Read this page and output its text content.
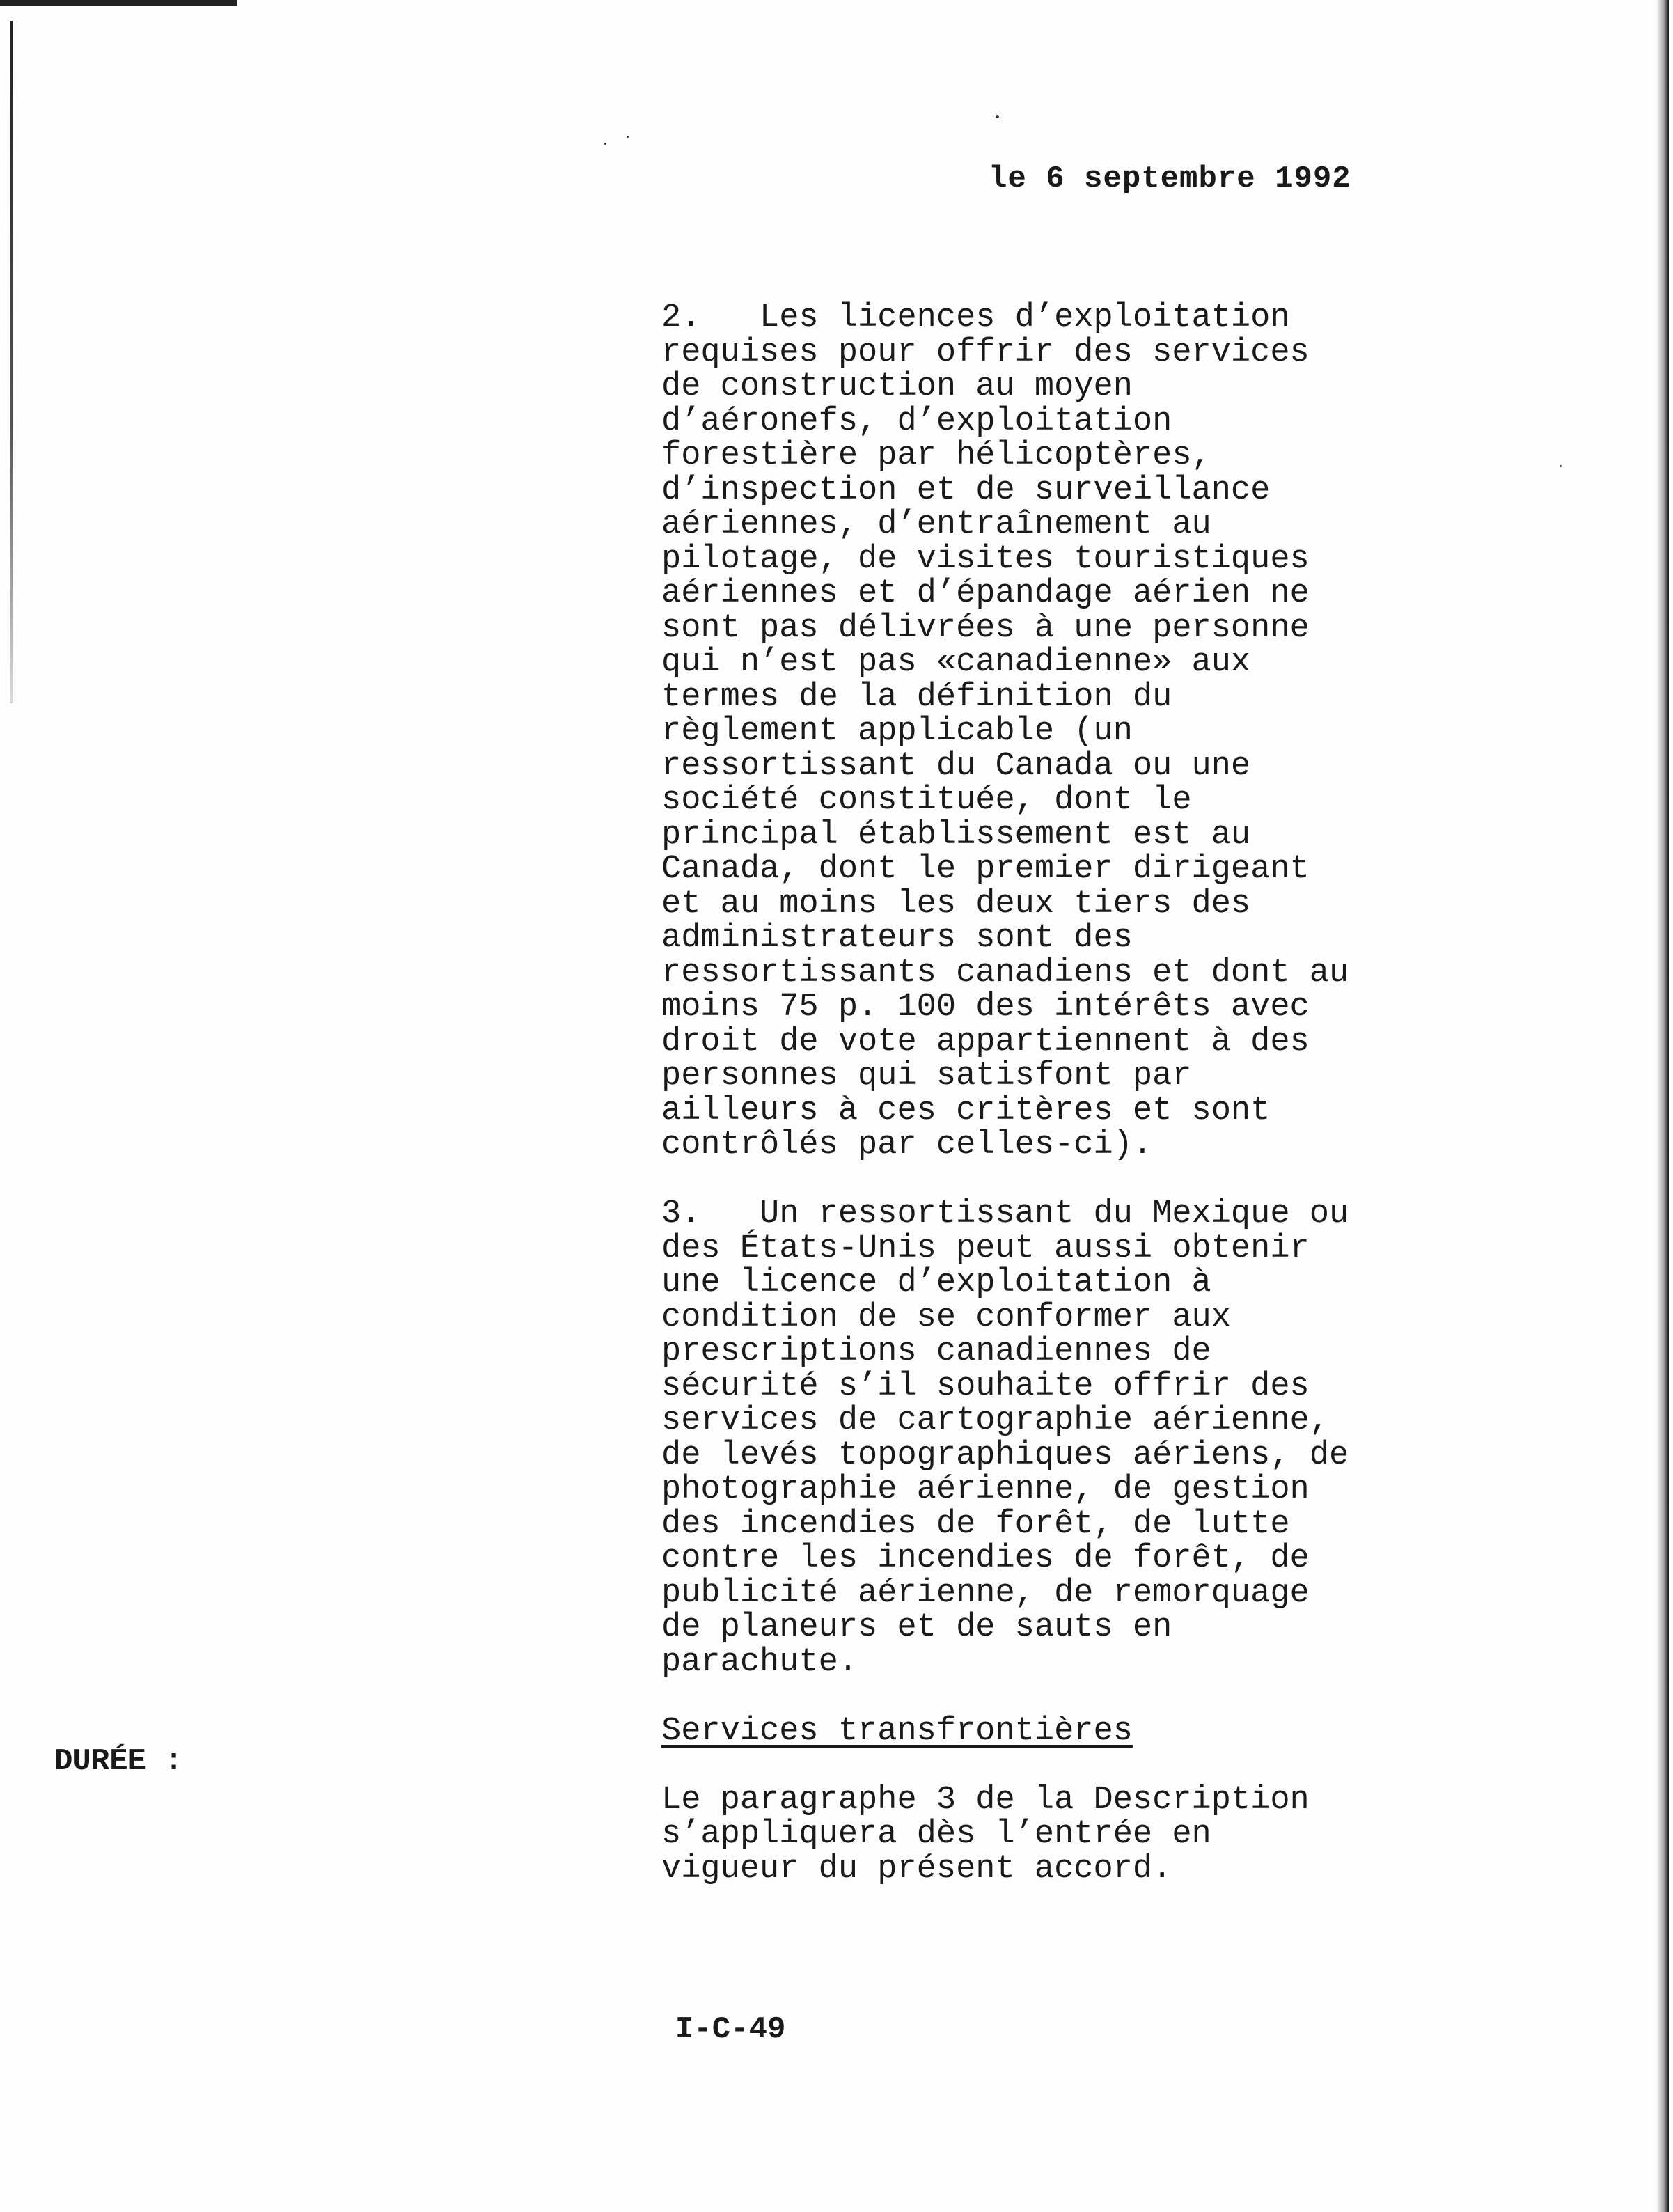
le 6 septembre 1992
2.   Les licences d’exploitation
requises pour offrir des services
de construction au moyen
d’aéronefs, d’exploitation
forestière par hélicoptères,
d’inspection et de surveillance
aériennes, d’entraînement au
pilotage, de visites touristiques
aériennes et d’épandage aérien ne
sont pas délivrées à une personne
qui n’est pas «canadienne» aux
termes de la définition du
règlement applicable (un
ressortissant du Canada ou une
société constituée, dont le
principal établissement est au
Canada, dont le premier dirigeant
et au moins les deux tiers des
administrateurs sont des
ressortissants canadiens et dont au
moins 75 p. 100 des intérêts avec
droit de vote appartiennent à des
personnes qui satisfont par
ailleurs à ces critères et sont
contrôlés par celles-ci).
3.   Un ressortissant du Mexique ou
des États-Unis peut aussi obtenir
une licence d’exploitation à
condition de se conformer aux
prescriptions canadiennes de
sécurité s’il souhaite offrir des
services de cartographie aérienne,
de levés topographiques aériens, de
photographie aérienne, de gestion
des incendies de forêt, de lutte
contre les incendies de forêt, de
publicité aérienne, de remorquage
de planeurs et de sauts en
parachute.
Services transfrontières
Le paragraphe 3 de la Description
s’appliquera dès l’entrée en
vigueur du présent accord.
DURÉE :
I-C-49
